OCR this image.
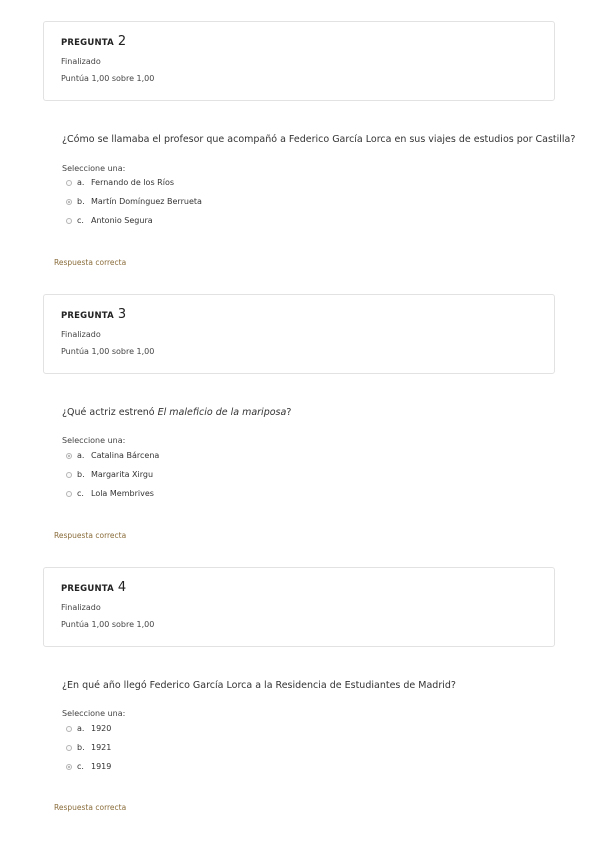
PREGUNTA 2
Finalizado
Puntúa 1,00 sobre 1,00
¿Cómo se llamaba el profesor que acompañó a Federico García Lorca en sus viajes de estudios por Castilla?
Seleccione una:
a. Fernando de los Ríos
b. Martín Domínguez Berrueta
c. Antonio Segura
Respuesta correcta
PREGUNTA 3
Finalizado
Puntúa 1,00 sobre 1,00
¿Qué actriz estrenó El maleficio de la mariposa?
Seleccione una:
a. Catalina Bárcena
b. Margarita Xirgu
c. Lola Membrives
Respuesta correcta
PREGUNTA 4
Finalizado
Puntúa 1,00 sobre 1,00
¿En qué año llegó Federico García Lorca a la Residencia de Estudiantes de Madrid?
Seleccione una:
a. 1920
b. 1921
c. 1919
Respuesta correcta
